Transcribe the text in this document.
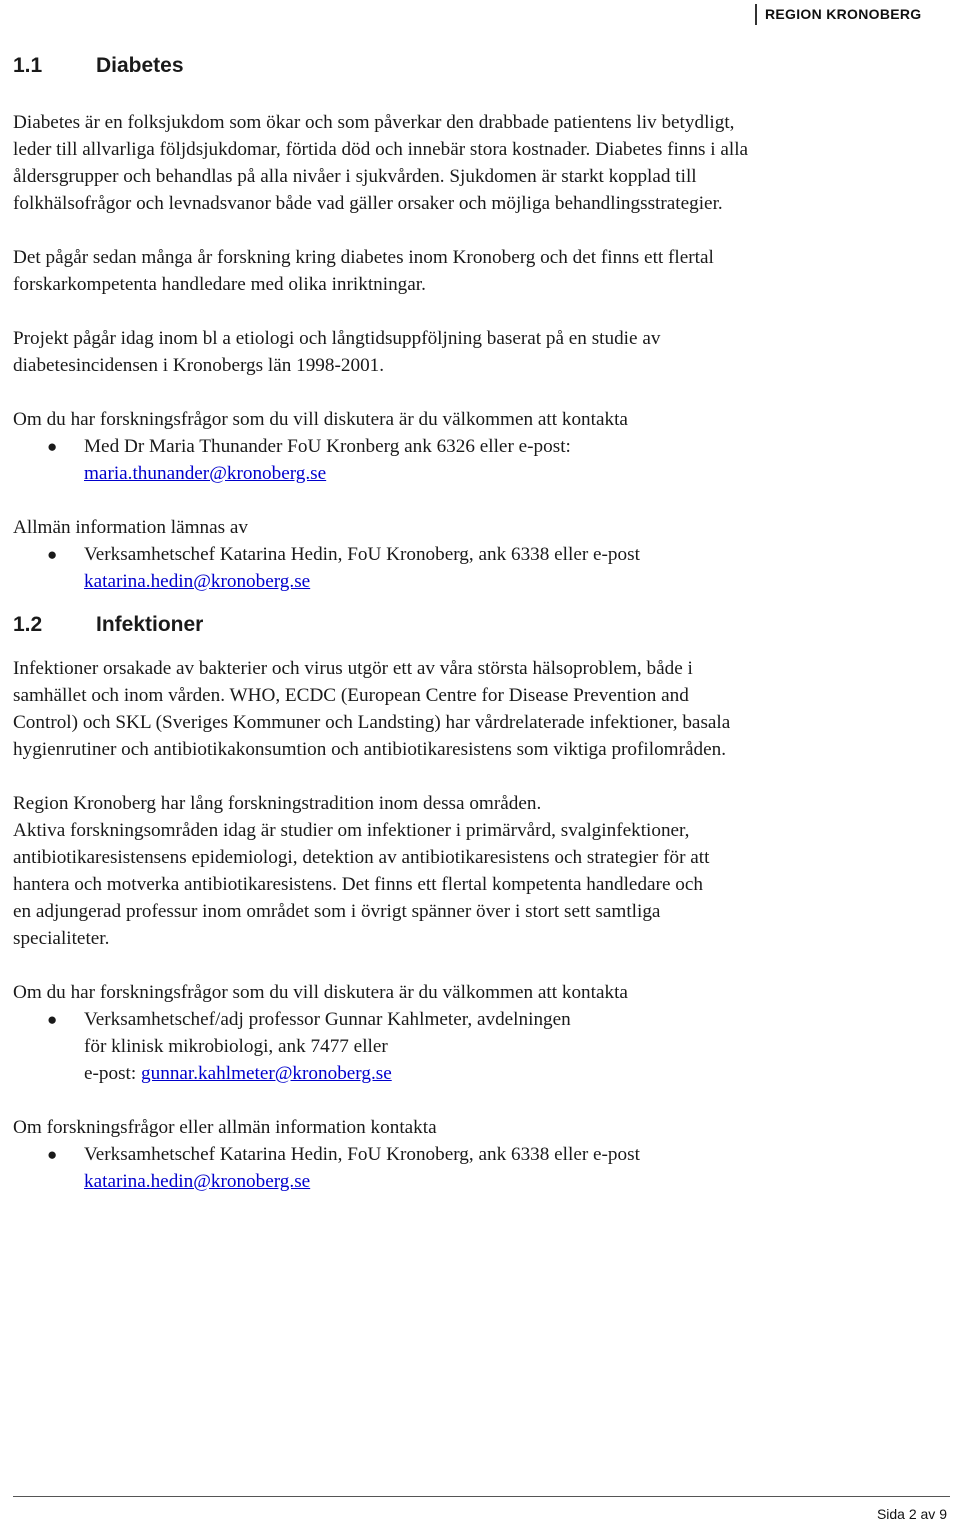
REGION KRONOBERG
1.1	Diabetes

Diabetes är en folksjukdom som ökar och som påverkar den drabbade patientens liv betydligt, leder till allvarliga följdsjukdomar, förtida död och innebär stora kostnader. Diabetes finns i alla åldersgrupper och behandlas på alla nivåer i sjukvården. Sjukdomen är starkt kopplad till folkhälsofrågor och levnadsvanor både vad gäller orsaker och möjliga behandlingsstrategier.

Det pågår sedan många år forskning kring diabetes inom Kronoberg och det finns ett flertal forskarkompetenta handledare med olika inriktningar.

Projekt pågår idag inom bl a etiologi och långtidsuppföljning baserat på en studie av diabetesincidensen i Kronobergs län 1998-2001.

Om du har forskningsfrågor som du vill diskutera är du välkommen att kontakta

● Med Dr Maria Thunander FoU Kronberg ank 6326 eller e-post: maria.thunander@kronoberg.se

Allmän information lämnas av

● Verksamhetschef Katarina Hedin, FoU Kronoberg, ank 6338 eller e-post katarina.hedin@kronoberg.se
1.2	Infektioner

Infektioner orsakade av bakterier och virus utgör ett av våra största hälsoproblem, både i samhället och inom vården. WHO, ECDC (European Centre for Disease Prevention and Control) och SKL (Sveriges Kommuner och Landsting) har vårdrelaterade infektioner, basala hygienrutiner och antibiotikakonsumtion och antibiotikaresistens som viktiga profilområden.

Region Kronoberg har lång forskningstradition inom dessa områden.
Aktiva forskningsområden idag är studier om infektioner i primärvård, svalginfektioner, antibiotikaresistensens epidemiologi, detektion av antibiotikaresistens och strategier för att hantera och motverka antibiotikaresistens. Det finns ett flertal kompetenta handledare och en adjungerad professur inom området som i övrigt spänner över i stort sett samtliga specialiteter.

Om du har forskningsfrågor som du vill diskutera är du välkommen att kontakta

● Verksamhetschef/adj professor Gunnar Kahlmeter, avdelningen
för klinisk mikrobiologi, ank 7477 eller
e-post: gunnar.kahlmeter@kronoberg.se

Om forskningsfrågor eller allmän information kontakta

● Verksamhetschef Katarina Hedin, FoU Kronoberg, ank 6338 eller e-post katarina.hedin@kronoberg.se
Sida 2 av 9
